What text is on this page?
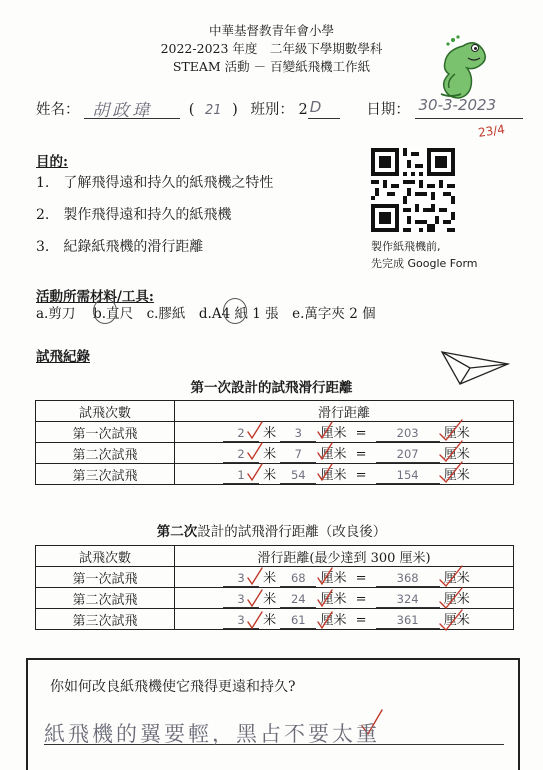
中華基督教青年會小學
2022-2023 年度　二年級下學期數學科
STEAM 活動 － 百變紙飛機工作紙
姓名： 胡政瑋	( 21 ) 班別： 2 D	日期： 30-3-2023
23/4
目的:
1.　了解飛得遠和持久的紙飛機之特性
2.　製作飛得遠和持久的紙飛機
3.　紀錄紙飛機的滑行距離	製作紙飛機前,
先完成 Google Form
活動所需材料/工具:
a.剪刀 　b.直尺　c.膠紙　d.A4 紙 1 張　e.萬字夾 2 個
試飛紀錄
第一次設計的試飛滑行距離
試飛次數	滑行距離
第一次試飛	2 米 3 厘米 = 203 厘米
第二次試飛	2 米 7 厘米 = 207 厘米
第三次試飛	1 米 54 厘米 = 154 厘米
第二次設計的試飛滑行距離（改良後）
試飛次數	滑行距離(最少達到 300 厘米)
第一次試飛	3 米 68 厘米 = 368 厘米
第二次試飛	3 米 24 厘米 = 324 厘米
第三次試飛	3 米 61 厘米 = 361 厘米
你如何改良紙飛機使它飛得更遠和持久?
紙飛機的翼要輕，黑占不要太重
